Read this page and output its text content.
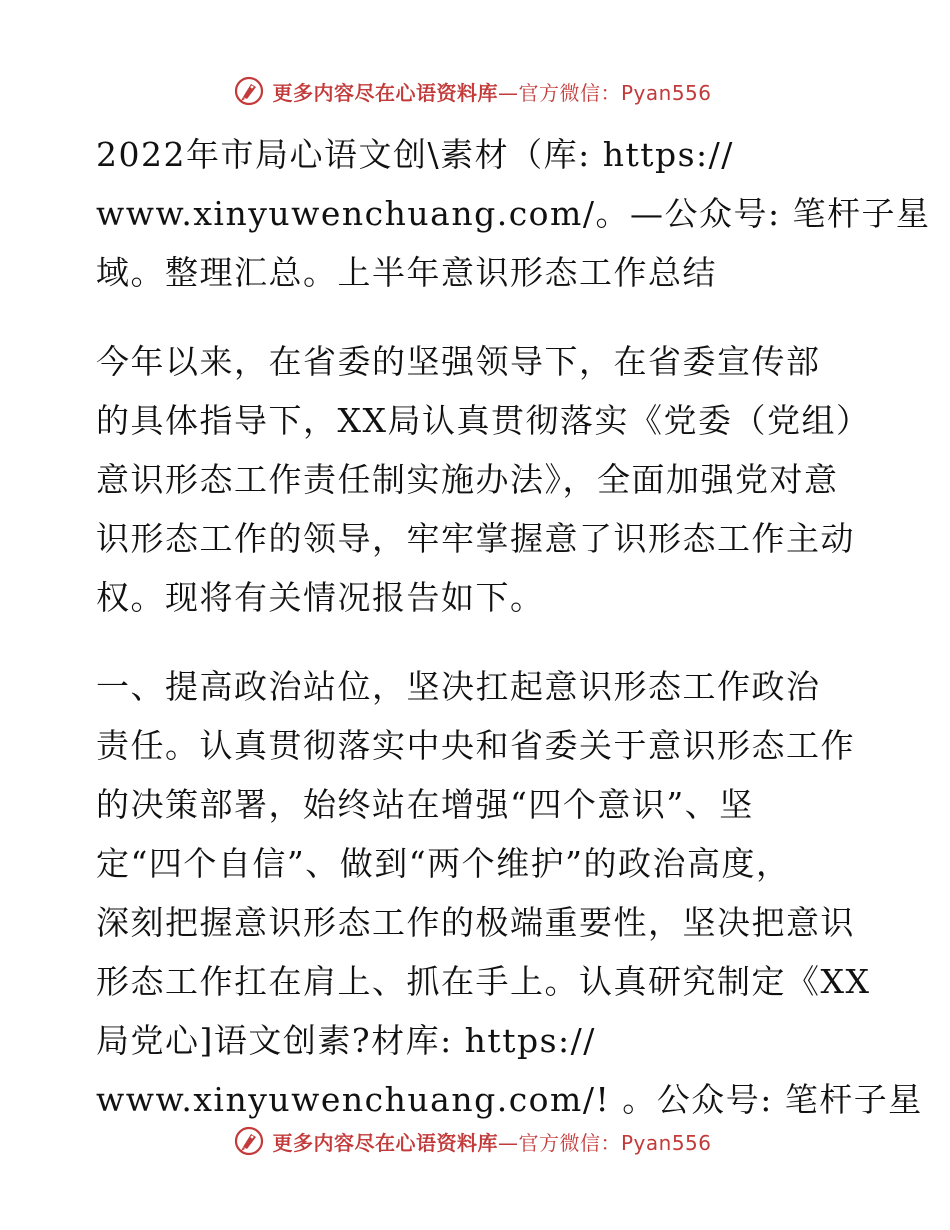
更多内容尽在心语资料库—官方微信：Pyan556
2022年市局心语文创\素材（库: https://
www.xinyuwenchuang.com/。—公众号: 笔杆子星
域。整理汇总。上半年意识形态工作总结
今年以来，在省委的坚强领导下，在省委宣传部
的具体指导下，XX局认真贯彻落实《党委（党组）
意识形态工作责任制实施办法》，全面加强党对意
识形态工作的领导，牢牢掌握意了识形态工作主动
权。现将有关情况报告如下。
一、提高政治站位，坚决扛起意识形态工作政治
责任。认真贯彻落实中央和省委关于意识形态工作
的决策部署，始终站在增强“四个意识”、坚
定“四个自信”、做到“两个维护”的政治高度，
深刻把握意识形态工作的极端重要性，坚决把意识
形态工作扛在肩上、抓在手上。认真研究制定《XX
局党心]语文创素?材库: https://
www.xinyuwenchuang.com/! 。公众号: 笔杆子星
更多内容尽在心语资料库—官方微信：Pyan556
